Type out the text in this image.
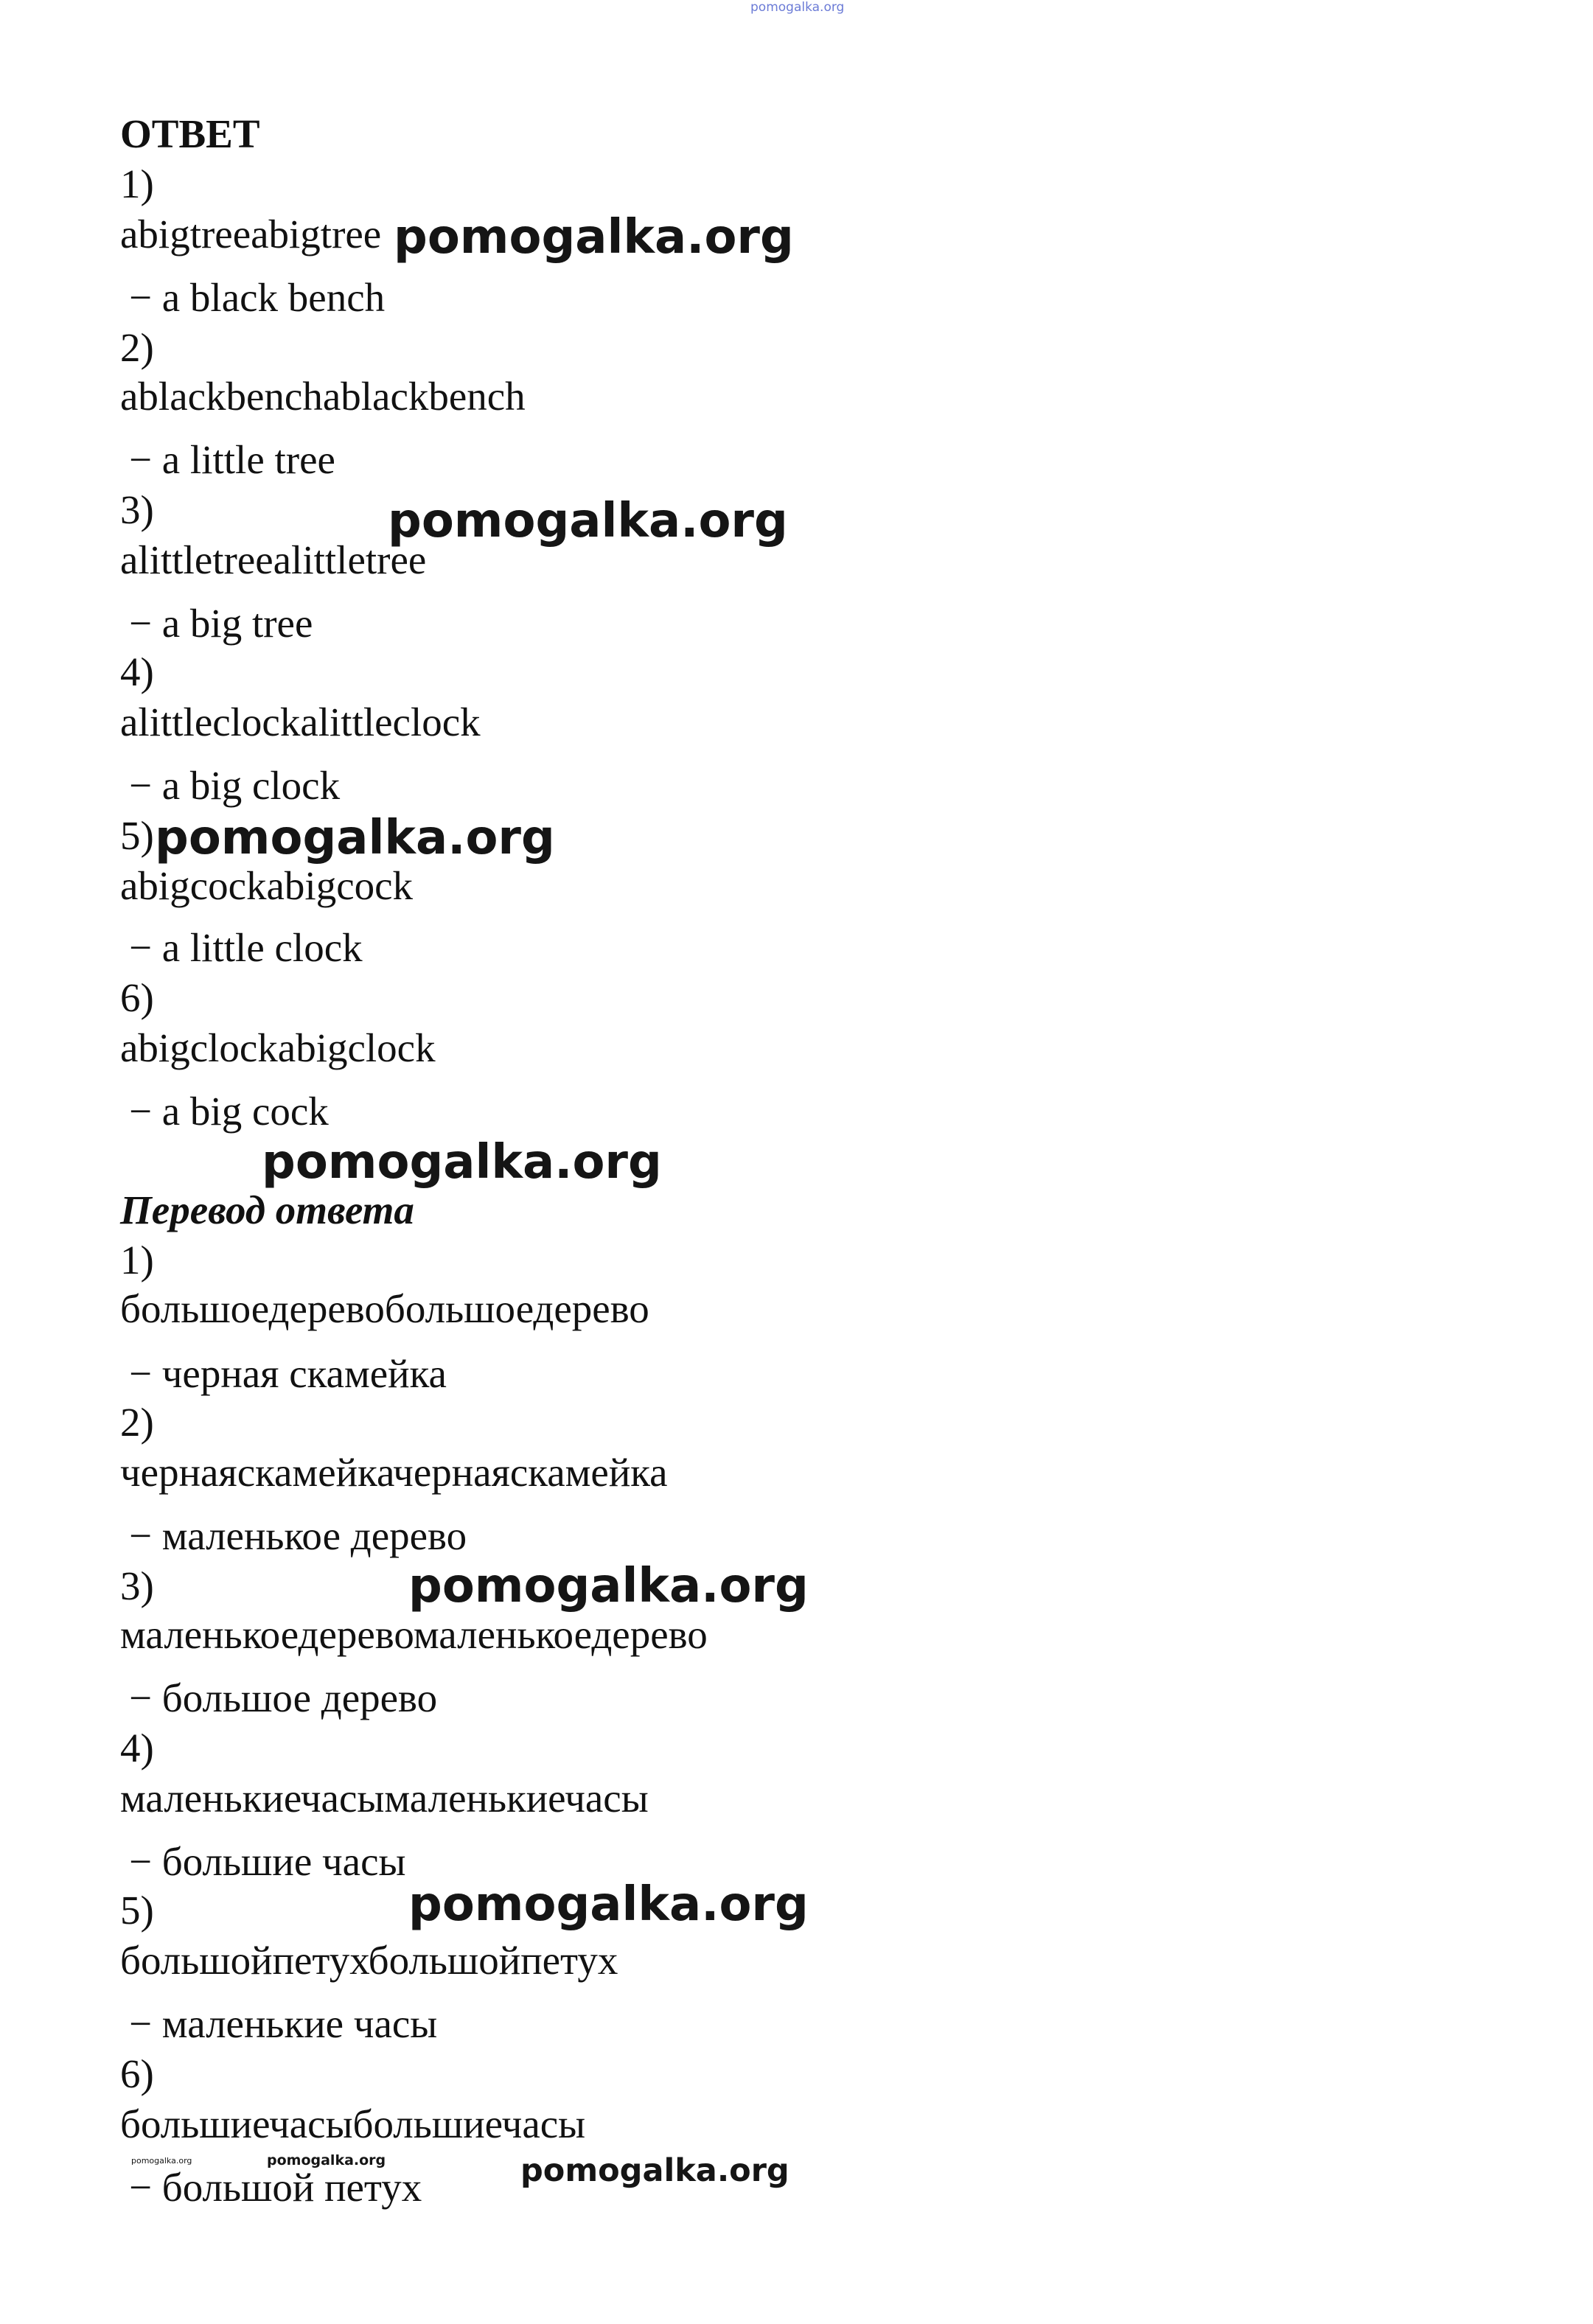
pomogalka.org
ОТВЕТ
1)
abigtreeabigtree
− a black bench
2)
ablackbenchablackbench
− a little tree
3)
alittletreealittletree
− a big tree
4)
alittleclockalittleclock
− a big clock
5)
abigcockabigcock
− a little clock
6)
abigclockabigclock
− a big cock
Перевод ответа
1)
большоедеревобольшоедерево
− черная скамейка
2)
чернаяскамейкачернаяскамейка
− маленькое дерево
3)
маленькоедеревомаленькоедерево
− большое дерево
4)
маленькиечасымаленькиечасы
− большие часы
5)
большойпетухбольшойпетух
− маленькие часы
6)
большиечасыбольшиечасы
− большой петух
pomogalka.org
pomogalka.org
pomogalka.org
pomogalka.org
pomogalka.org
pomogalka.org
pomogalka.org
pomogalka.org
pomogalka.org
